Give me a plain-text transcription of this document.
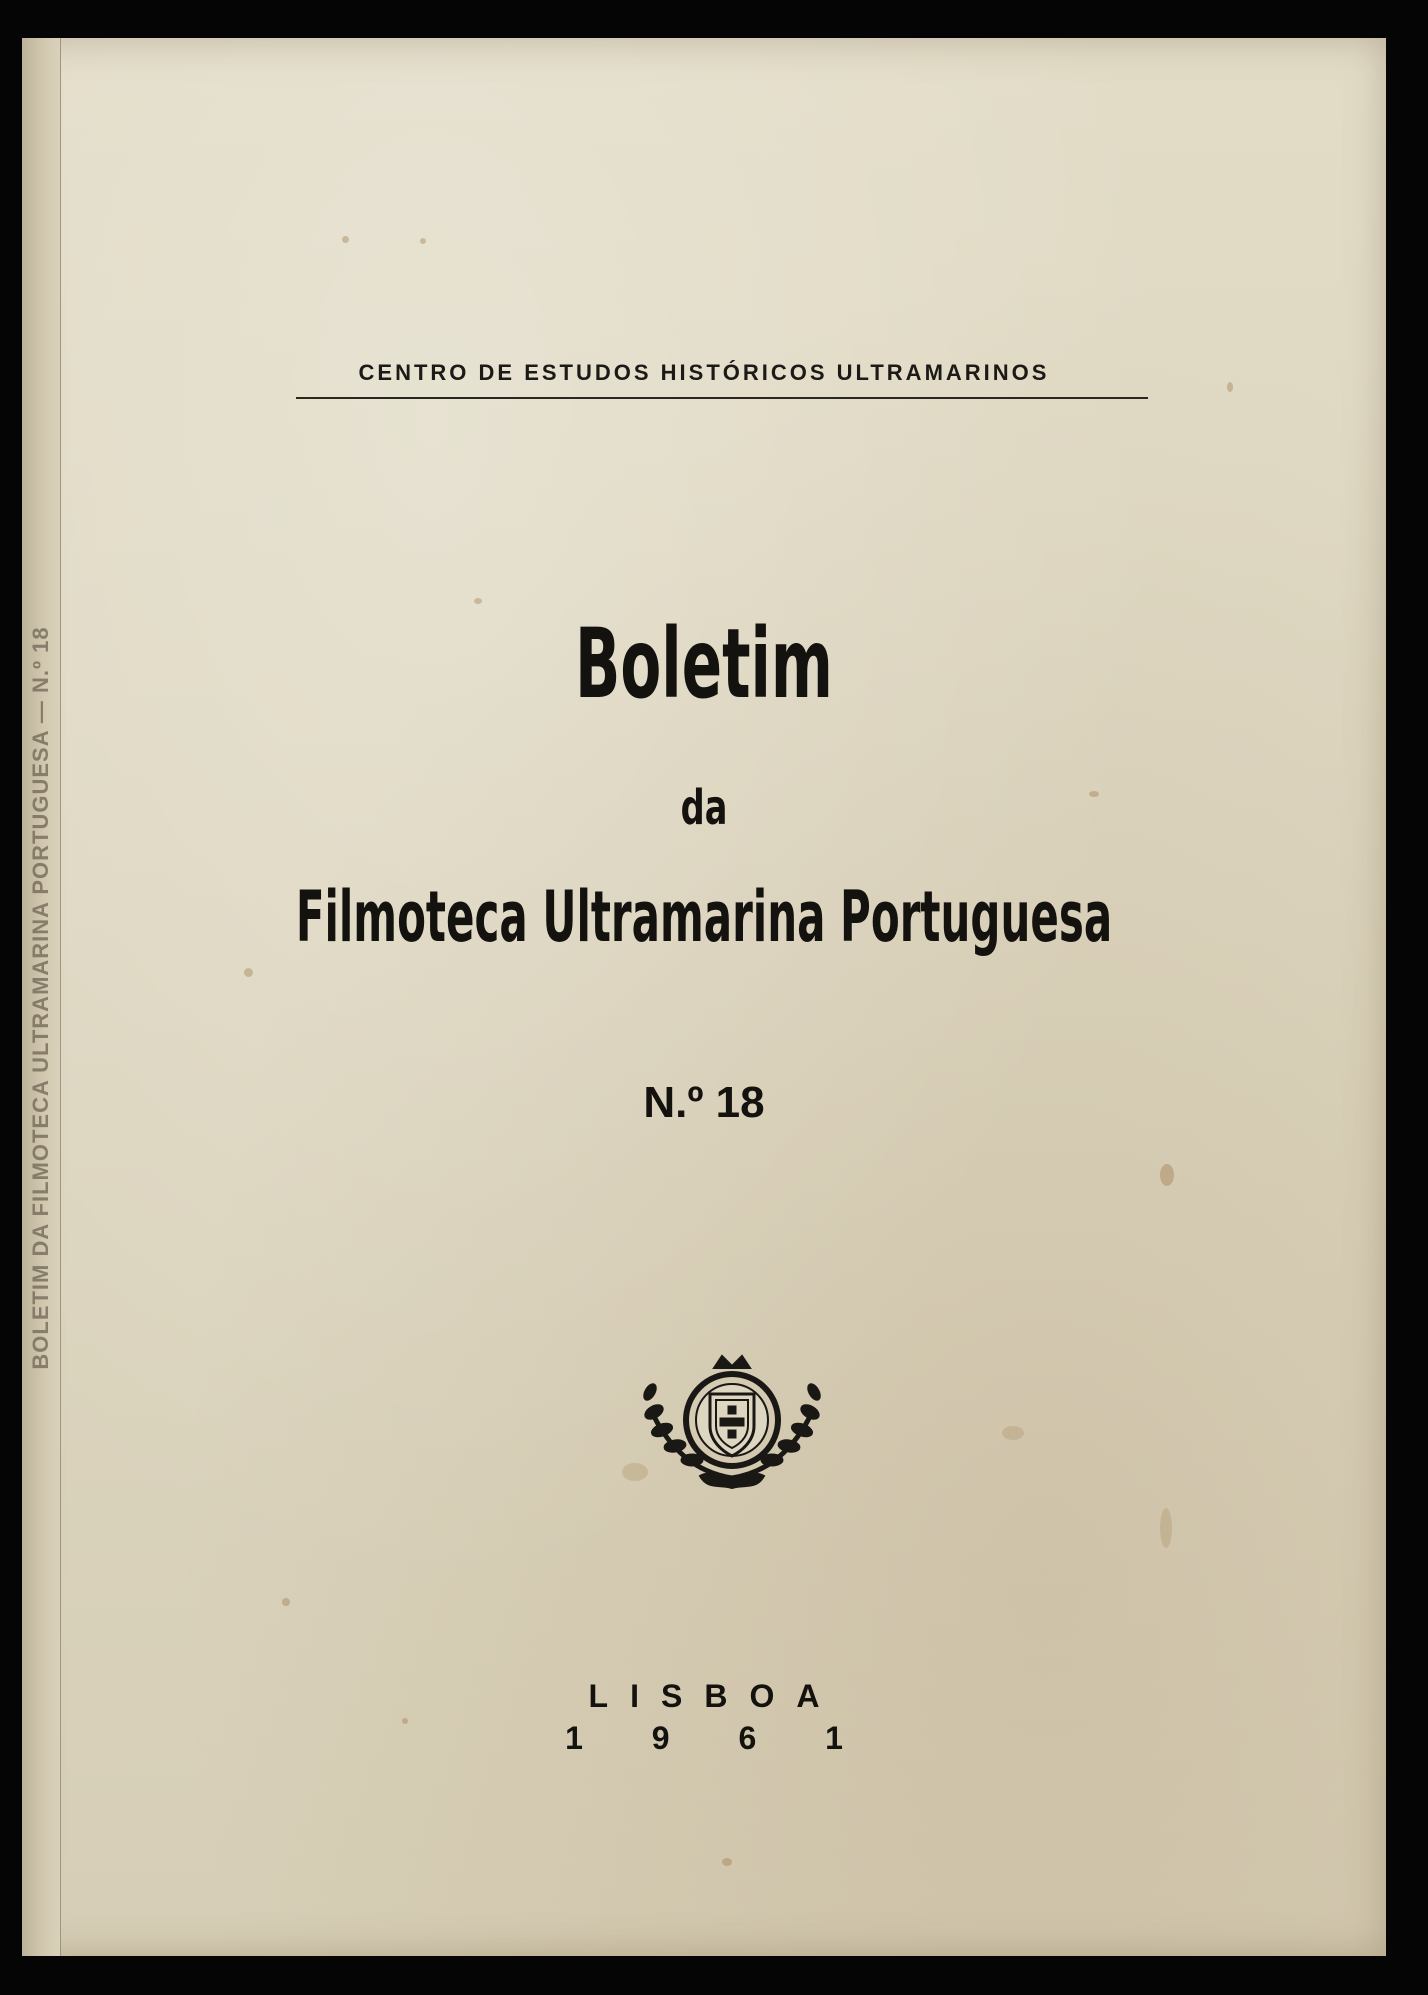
BOLETIM DA FILMOTECA ULTRAMARINA PORTUGUESA — N.º 18
CENTRO DE ESTUDOS HISTÓRICOS ULTRAMARINOS
Boletim
da
Filmoteca Ultramarina Portuguesa
N.º 18
LISBOA
1 9 6 1
